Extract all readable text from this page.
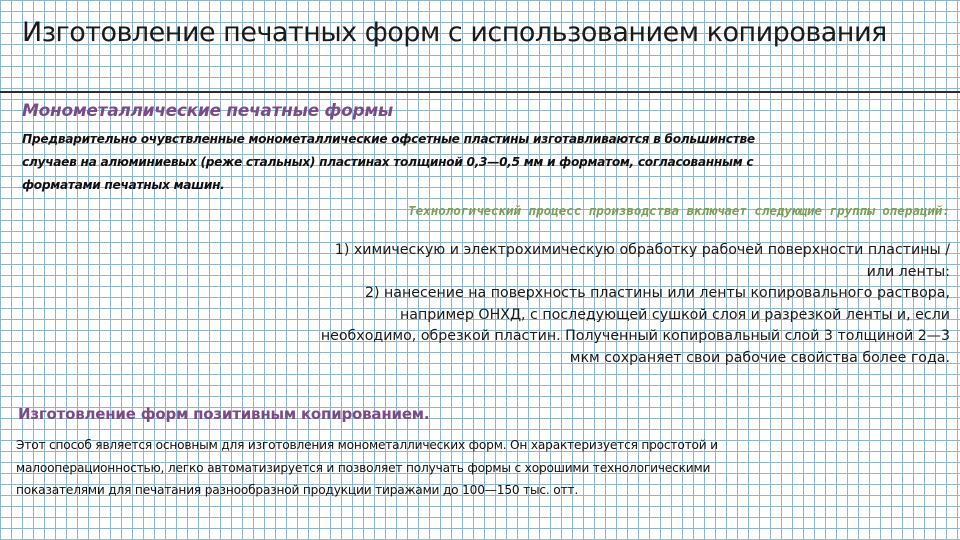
Изготовление печатных форм с использованием копирования
Монометаллические печатные формы

Предварительно очувствленные монометаллические офсетные пластины изготавливаются в большинстве случаев на алюминиевых (реже стальных) пластинах толщиной 0,3—0,5 мм и форматом, согласованным с форматами печатных машин.

Технологический процесс производства включает следующие группы операций:
1) химическую и электрохимическую обработку рабочей поверхности пластины /или ленты:
2) нанесение на поверхность пластины или ленты копировального раствора, например ОНХД, с последующей сушкой слоя и разрезкой ленты и, если необходимо, обрезкой пластин. Полученный копировальный слой 3 толщиной 2—3 мкм сохраняет свои рабочие свойства более года.
Изготовление форм позитивным копированием.

Этот способ является основным для изготовления монометаллических форм. Он характеризуется простотой и малооперационностью, легко автоматизируется и позволяет получать формы с хорошими технологическими показателями для печатания разнообразной продукции тиражами до 100—150 тыс. отт.
